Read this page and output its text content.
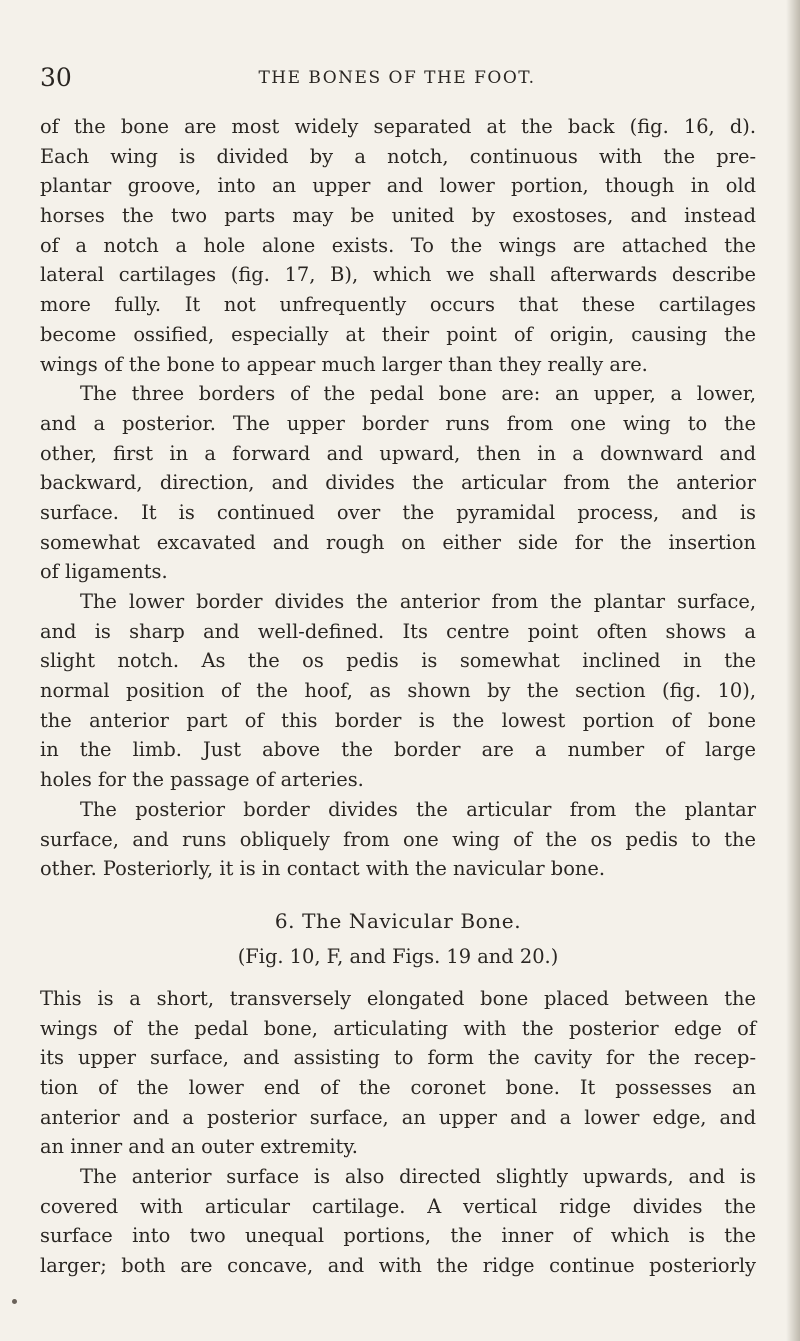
30	THE BONES OF THE FOOT.
of the bone are most widely separated at the back (fig. 16, d).
Each wing is divided by a notch, continuous with the pre-
plantar groove, into an upper and lower portion, though in old
horses the two parts may be united by exostoses, and instead
of a notch a hole alone exists. To the wings are attached the
lateral cartilages (fig. 17, B), which we shall afterwards describe
more fully. It not unfrequently occurs that these cartilages
become ossified, especially at their point of origin, causing the
wings of the bone to appear much larger than they really are.
The three borders of the pedal bone are: an upper, a lower,
and a posterior. The upper border runs from one wing to the
other, first in a forward and upward, then in a downward and
backward, direction, and divides the articular from the anterior
surface. It is continued over the pyramidal process, and is
somewhat excavated and rough on either side for the insertion
of ligaments.
The lower border divides the anterior from the plantar surface,
and is sharp and well-defined. Its centre point often shows a
slight notch. As the os pedis is somewhat inclined in the
normal position of the hoof, as shown by the section (fig. 10),
the anterior part of this border is the lowest portion of bone
in the limb. Just above the border are a number of large
holes for the passage of arteries.
The posterior border divides the articular from the plantar
surface, and runs obliquely from one wing of the os pedis to the
other. Posteriorly, it is in contact with the navicular bone.
6. The Navicular Bone.
(Fig. 10, F, and Figs. 19 and 20.)
This is a short, transversely elongated bone placed between the
wings of the pedal bone, articulating with the posterior edge of
its upper surface, and assisting to form the cavity for the recep-
tion of the lower end of the coronet bone. It possesses an
anterior and a posterior surface, an upper and a lower edge, and
an inner and an outer extremity.
The anterior surface is also directed slightly upwards, and is
covered with articular cartilage. A vertical ridge divides the
surface into two unequal portions, the inner of which is the
larger; both are concave, and with the ridge continue posteriorly
